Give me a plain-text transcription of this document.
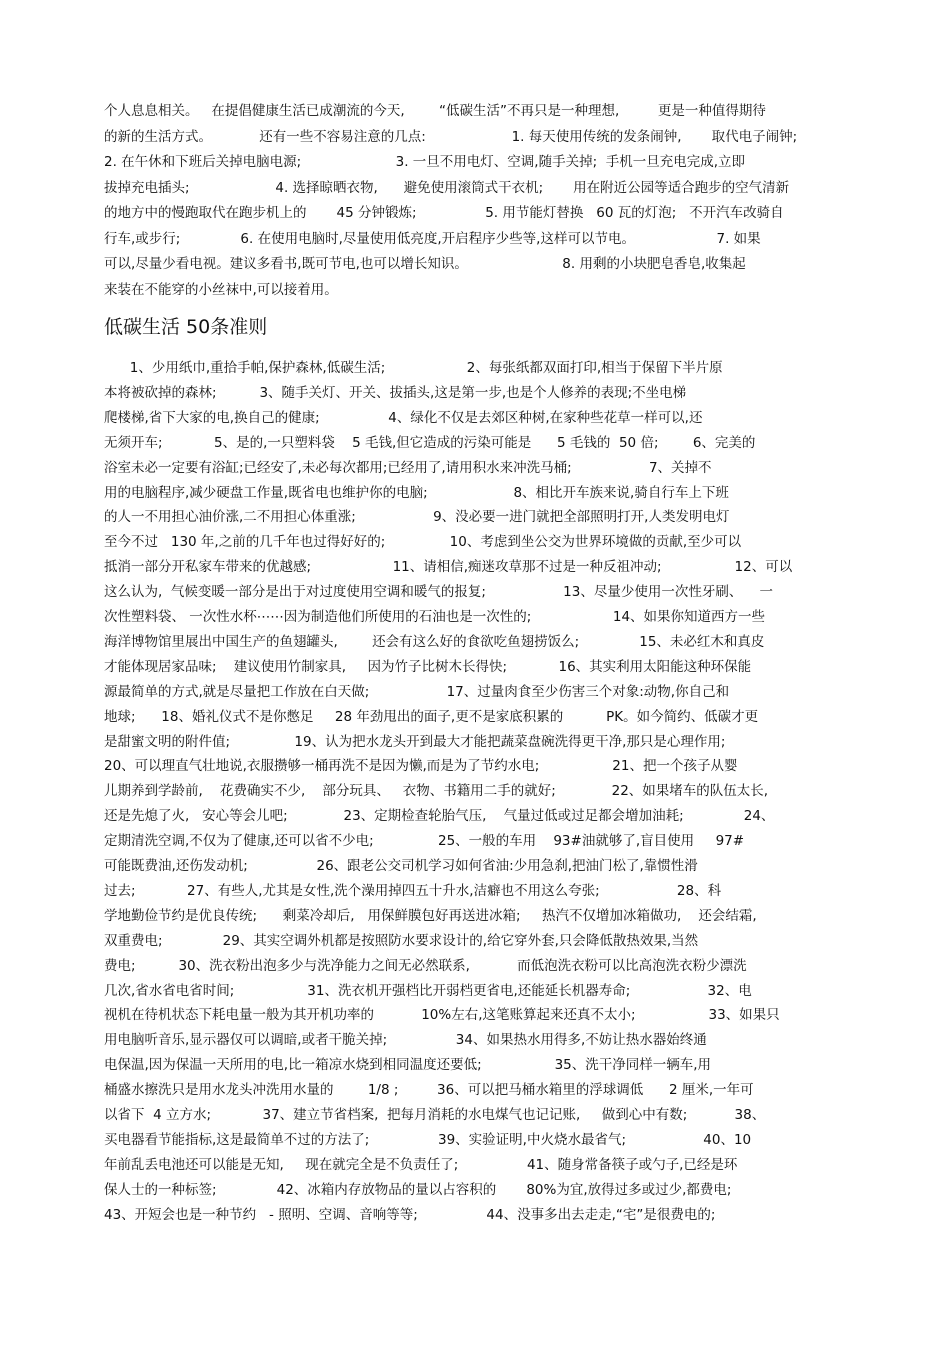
个人息息相关。   在提倡健康生活已成潮流的今天,        “低碳生活”不再只是一种理想,         更是一种值得期待
的新的生活方式。           还有一些不容易注意的几点:                    1. 每天使用传统的发条闹钟,       取代电子闹钟;
2. 在午休和下班后关掉电脑电源;                      3. 一旦不用电灯、空调,随手关掉;  手机一旦充电完成,立即
拔掉充电插头;                    4. 选择晾晒衣物,      避免使用滚筒式干衣机;       用在附近公园等适合跑步的空气清新
的地方中的慢跑取代在跑步机上的       45 分钟锻炼;                5. 用节能灯替换   60 瓦的灯泡;   不开汽车改骑自
行车,或步行;              6. 在使用电脑时,尽量使用低亮度,开启程序少些等,这样可以节电。                   7. 如果
可以,尽量少看电视。建议多看书,既可节电,也可以增长知识。                      8. 用剩的小块肥皂香皂,收集起
来装在不能穿的小丝袜中,可以接着用。
低碳生活 50条准则
1、少用纸巾,重拾手帕,保护森林,低碳生活;                   2、每张纸都双面打印,相当于保留下半片原
本将被砍掉的森林;          3、随手关灯、开关、拔插头,这是第一步,也是个人修养的表现;不坐电梯
爬楼梯,省下大家的电,换自己的健康;                4、绿化不仅是去郊区种树,在家种些花草一样可以,还
无须开车;            5、是的,一只塑料袋    5 毛钱,但它造成的污染可能是      5 毛钱的  50 倍;        6、完美的
浴室未必一定要有浴缸;已经安了,未必每次都用;已经用了,请用积水来冲洗马桶;                  7、关掉不
用的电脑程序,减少硬盘工作量,既省电也维护你的电脑;                    8、相比开车族来说,骑自行车上下班
的人一不用担心油价涨,二不用担心体重涨;                  9、没必要一进门就把全部照明打开,人类发明电灯
至今不过   130 年,之前的几千年也过得好好的;               10、考虑到坐公交为世界环境做的贡献,至少可以
抵消一部分开私家车带来的优越感;                   11、请相信,痴迷攻草那不过是一种反祖冲动;                 12、可以
这么认为,  气候变暖一部分是出于对过度使用空调和暖气的报复;                  13、尽量少使用一次性牙刷、    一
次性塑料袋、 一次性水杯⋯⋯因为制造他们所使用的石油也是一次性的;                   14、如果你知道西方一些
海洋博物馆里展出中国生产的鱼翅罐头,        还会有这么好的食欲吃鱼翅捞饭么;              15、未必红木和真皮
才能体现居家品味;    建议使用竹制家具,     因为竹子比树木长得快;            16、其实利用太阳能这种环保能
源最简单的方式,就是尽量把工作放在白天做;                  17、过量肉食至少伤害三个对象:动物,你自己和
地球;      18、婚礼仪式不是你憋足     28 年劲甩出的面子,更不是家底积累的          PK。如今简约、低碳才更
是甜蜜文明的附件值;               19、认为把水龙头开到最大才能把蔬菜盘碗洗得更干净,那只是心理作用;
20、可以理直气壮地说,衣服攒够一桶再洗不是因为懒,而是为了节约水电;                 21、把一个孩子从婴
儿期养到学龄前,    花费确实不少,    部分玩具、   衣物、书籍用二手的就好;             22、如果堵车的队伍太长,
还是先熄了火,   安心等会儿吧;             23、定期检查轮胎气压,    气量过低或过足都会增加油耗;              24、
定期清洗空调,不仅为了健康,还可以省不少电;               25、一般的车用    93#油就够了,盲目使用     97#
可能既费油,还伤发动机;                26、跟老公交司机学习如何省油:少用急刹,把油门松了,靠惯性滑
过去;            27、有些人,尤其是女性,洗个澡用掉四五十升水,洁癖也不用这么夸张;                  28、科
学地勤俭节约是优良传统;      剩菜冷却后,   用保鲜膜包好再送进冰箱;     热汽不仅增加冰箱做功,    还会结霜,
双重费电;              29、其实空调外机都是按照防水要求设计的,给它穿外套,只会降低散热效果,当然
费电;          30、洗衣粉出泡多少与洗净能力之间无必然联系,           而低泡洗衣粉可以比高泡洗衣粉少漂洗
几次,省水省电省时间;                 31、洗衣机开强档比开弱档更省电,还能延长机器寿命;                  32、电
视机在待机状态下耗电量一般为其开机功率的           10%左右,这笔账算起来还真不太小;                 33、如果只
用电脑听音乐,显示器仅可以调暗,或者干脆关掉;                34、如果热水用得多,不妨让热水器始终通
电保温,因为保温一天所用的电,比一箱凉水烧到相同温度还要低;                 35、洗干净同样一辆车,用
桶盛水擦洗只是用水龙头冲洗用水量的        1/8 ;         36、可以把马桶水箱里的浮球调低      2 厘米,一年可
以省下  4 立方水;            37、建立节省档案,  把每月消耗的水电煤气也记记账,     做到心中有数;           38、
买电器看节能指标,这是最简单不过的方法了;                39、实验证明,中火烧水最省气;                  40、10
年前乱丢电池还可以能是无知,     现在就完全是不负责任了;                41、随身常备筷子或勺子,已经是环
保人士的一种标签;              42、冰箱内存放物品的量以占容积的       80%为宜,放得过多或过少,都费电;
43、开短会也是一种节约   - 照明、空调、音响等等;                44、没事多出去走走,“宅”是很费电的;
